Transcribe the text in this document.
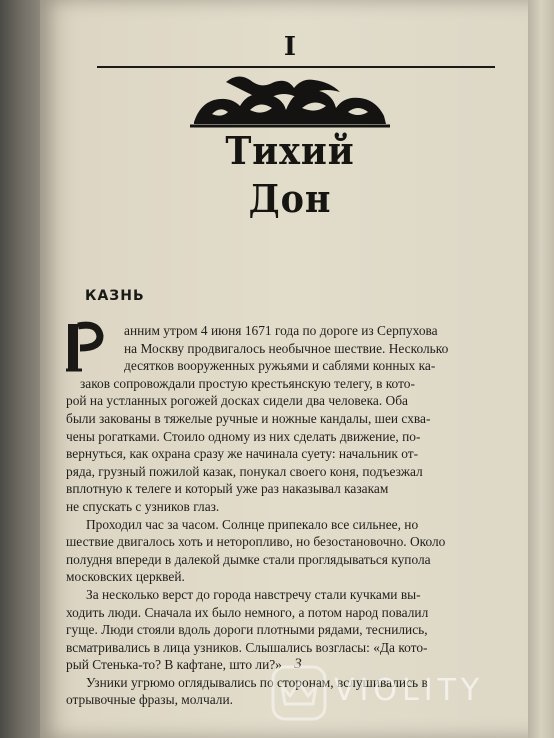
I
Тихий
Дон
КАЗНЬ
Р

анним утром 4 июня 1671 года по дороге из Серпухова
на Москву продвигалось необычное шествие. Несколько
десятков вооруженных ружьями и саблями конных ка-
заков сопровождали простую крестьянскую телегу, в кото-
рой на устланных рогожей досках сидели два человека. Оба
были закованы в тяжелые ручные и ножные кандалы, шеи схва-
чены рогатками. Стоило одному из них сделать движение, по-
вернуться, как охрана сразу же начинала суету: начальник от-
ряда, грузный пожилой казак, понукал своего коня, подъезжал
вплотную к телеге и который уже раз наказывал казакам
не спускать с узников глаз.

Проходил час за часом. Солнце припекало все сильнее, но
шествие двигалось хоть и неторопливо, но безостановочно. Около
полудня впереди в далекой дымке стали проглядываться купола
московских церквей.

За несколько верст до города навстречу стали кучками вы-
ходить люди. Сначала их было немного, а потом народ повалил
гуще. Люди стояли вдоль дороги плотными рядами, теснились,
всматривались в лица узников. Слышались возгласы: «Да кото-
рый Стенька-то? В кафтане, што ли?»

Узники угрюмо оглядывались по сторонам, вслушивались в
отрывочные фразы, молчали.

3
VIOLITY
